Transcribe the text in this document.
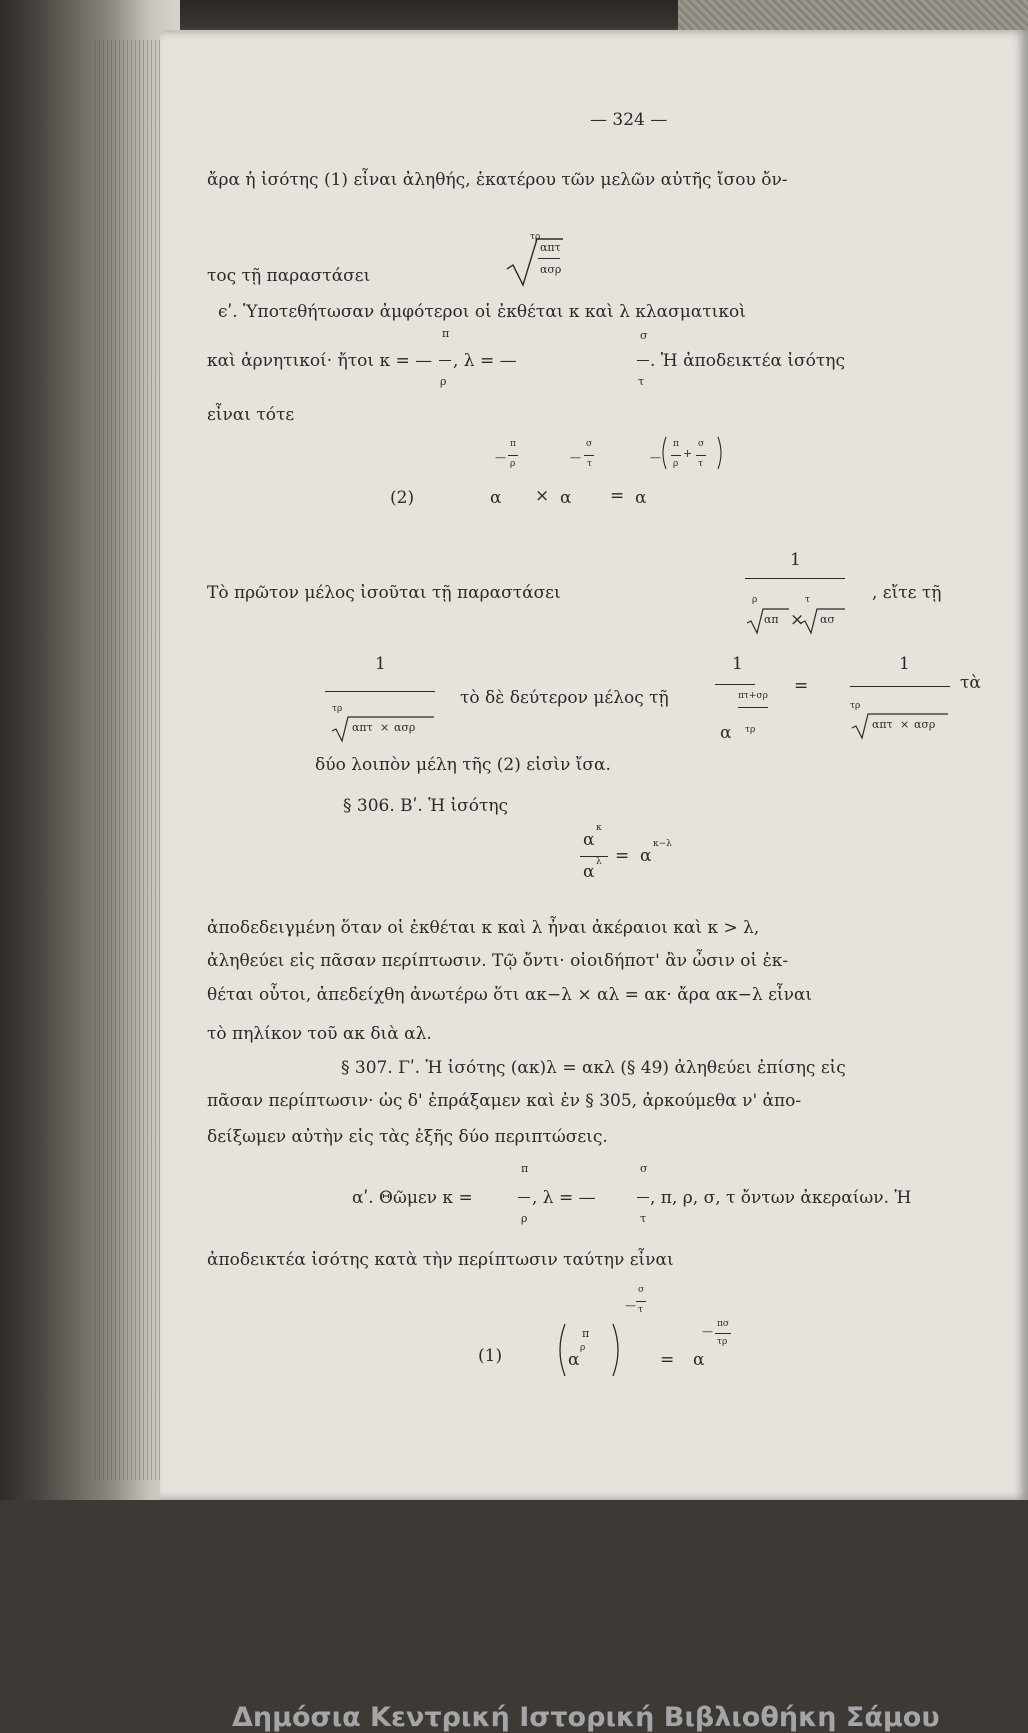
— 324 —
ἄρα ἡ ἰσότης (1) εἶναι ἀληθής, ἑκατέρου τῶν μελῶν αὐτῆς ἴσου ὄν-
τος τῇ παραστάσει
τρ
απτ
ασρ
ϵʹ. Ὑποτεθήτωσαν ἀμφότεροι οἱ ἐκθέται κ καὶ λ κλασματικοὶ
π	σ
καὶ ἀρνητικοί· ἤτοι κ = — , λ = —	. Ἡ ἀποδεικτέα ἰσότης
ρ	τ
εἶναι τότε
(2)
π
— ρ
α ×
σ
— τ
α =
—
π
ρ
+
σ
τ
α
1
Τὸ πρῶτον μέλος ἰσοῦται τῇ παραστάσει	ρ	τ
απ × ασ
, εἴτε τῇ
1
τρ
απτ × ασρ
τὸ δὲ δεύτερον μέλος τῇ
1
πτ+σρ
α τρ
=
1
τρ
απτ × ασρ
τὰ
δύο λοιπὸν μέλη τῆς (2) εἰσὶν ἴσα.
§ 306. Βʹ. Ἡ ἰσότης
α
κ
α λ = α
κ−λ
ἀποδεδειγμένη ὅταν οἱ ἐκθέται κ καὶ λ ἦναι ἀκέραιοι καὶ κ > λ,
ἀληθεύει εἰς πᾶσαν περίπτωσιν. Τῷ ὄντι· οἱοιδήποτ' ἂν ὦσιν οἱ ἐκ-
θέται οὗτοι, ἀπεδείχθη ἀνωτέρω ὅτι ακ−λ × αλ = ακ· ἄρα ακ−λ εἶναι
τὸ πηλίκον τοῦ ακ διὰ αλ.
§ 307. Γʹ. Ἡ ἰσότης (ακ)λ = ακλ (§ 49) ἀληθεύει ἐπίσης εἰς
πᾶσαν περίπτωσιν· ὡς δ' ἐπράξαμεν καὶ ἐν § 305, ἀρκούμεθα ν' ἀπο-
δείξωμεν αὐτὴν εἰς τὰς ἑξῆς δύο περιπτώσεις.
π	σ
αʹ. Θῶμεν κ =	, λ = —	, π, ρ, σ, τ ὄντων ἀκεραίων. Ἡ
ρ	τ
ἀποδεικτέα ἰσότης κατὰ τὴν περίπτωσιν ταύτην εἶναι
(1)
π
α
ρ
—
σ
τ
= α
—
πσ
τρ
Δημόσια Κεντρική Ιστορική Βιβλιοθήκη Σάμου
